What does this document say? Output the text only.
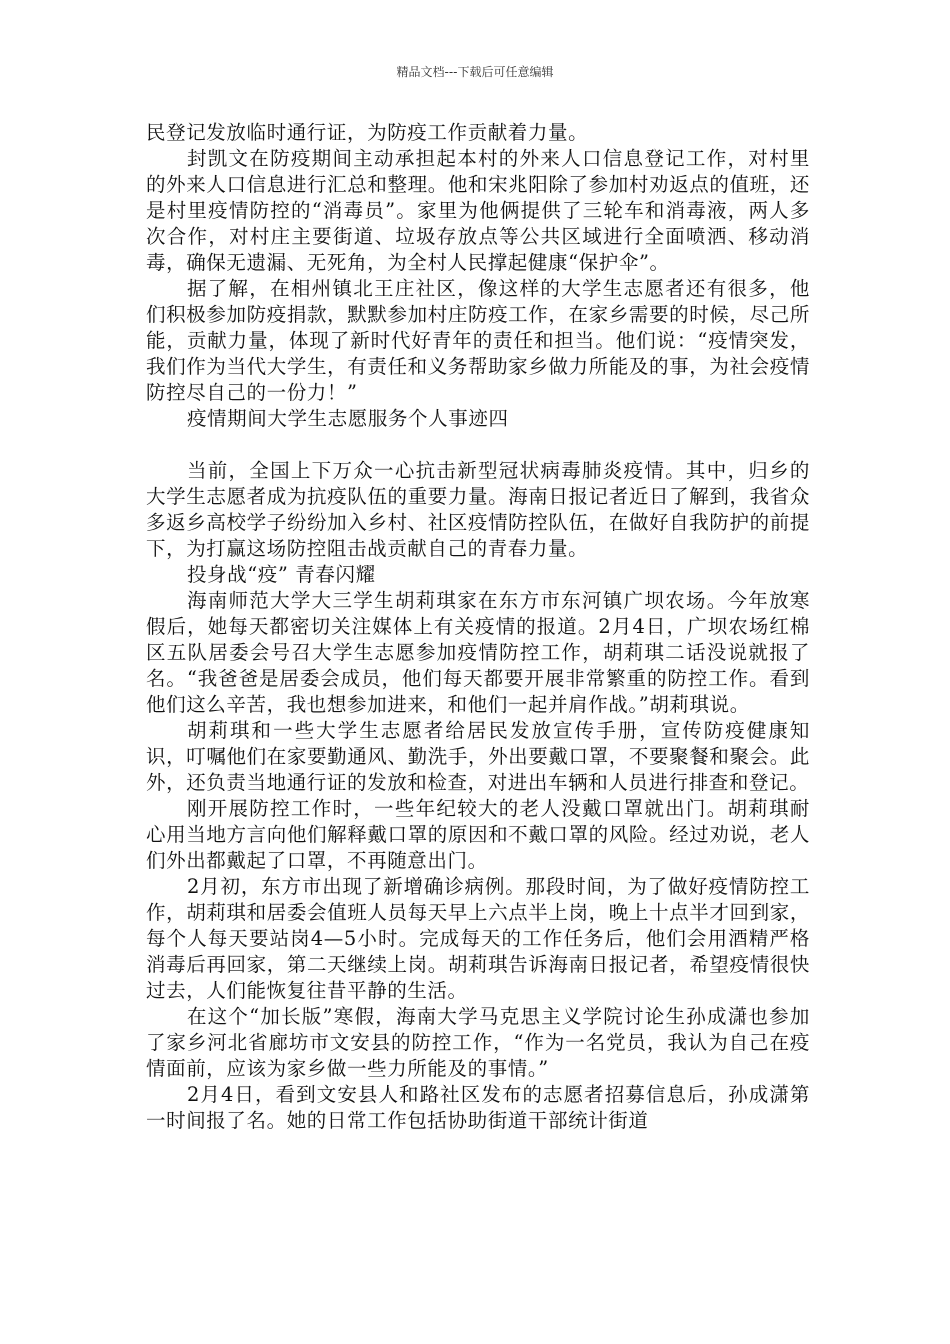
精品文档---下载后可任意编辑

民登记发放临时通行证，为防疫工作贡献着力量。

封凯文在防疫期间主动承担起本村的外来人口信息登记工作，对村里的外来人口信息进行汇总和整理。他和宋兆阳除了参加村劝返点的值班，还是村里疫情防控的“消毒员”。家里为他俩提供了三轮车和消毒液，两人多次合作，对村庄主要街道、垃圾存放点等公共区域进行全面喷洒、移动消毒，确保无遗漏、无死角，为全村人民撑起健康“保护伞”。

据了解，在相州镇北王庄社区，像这样的大学生志愿者还有很多，他们积极参加防疫捐款，默默参加村庄防疫工作，在家乡需要的时候，尽己所能，贡献力量，体现了新时代好青年的责任和担当。他们说：“疫情突发，我们作为当代大学生，有责任和义务帮助家乡做力所能及的事，为社会疫情防控尽自己的一份力！”

疫情期间大学生志愿服务个人事迹四

当前，全国上下万众一心抗击新型冠状病毒肺炎疫情。其中，归乡的大学生志愿者成为抗疫队伍的重要力量。海南日报记者近日了解到，我省众多返乡高校学子纷纷加入乡村、社区疫情防控队伍，在做好自我防护的前提下，为打赢这场防控阻击战贡献自己的青春力量。

投身战“疫” 青春闪耀

海南师范大学大三学生胡莉琪家在东方市东河镇广坝农场。今年放寒假后，她每天都密切关注媒体上有关疫情的报道。2月4日，广坝农场红棉区五队居委会号召大学生志愿参加疫情防控工作，胡莉琪二话没说就报了名。“我爸爸是居委会成员，他们每天都要开展非常繁重的防控工作。看到他们这么辛苦，我也想参加进来，和他们一起并肩作战。”胡莉琪说。

胡莉琪和一些大学生志愿者给居民发放宣传手册，宣传防疫健康知识，叮嘱他们在家要勤通风、勤洗手，外出要戴口罩，不要聚餐和聚会。此外，还负责当地通行证的发放和检查，对进出车辆和人员进行排查和登记。

刚开展防控工作时，一些年纪较大的老人没戴口罩就出门。胡莉琪耐心用当地方言向他们解释戴口罩的原因和不戴口罩的风险。经过劝说，老人们外出都戴起了口罩，不再随意出门。

2月初，东方市出现了新增确诊病例。那段时间，为了做好疫情防控工作，胡莉琪和居委会值班人员每天早上六点半上岗，晚上十点半才回到家，每个人每天要站岗4—5小时。完成每天的工作任务后，他们会用酒精严格消毒后再回家，第二天继续上岗。胡莉琪告诉海南日报记者，希望疫情很快过去，人们能恢复往昔平静的生活。

在这个“加长版”寒假，海南大学马克思主义学院讨论生孙成潇也参加了家乡河北省廊坊市文安县的防控工作，“作为一名党员，我认为自己在疫情面前，应该为家乡做一些力所能及的事情。”

2月4日，看到文安县人和路社区发布的志愿者招募信息后，孙成潇第一时间报了名。她的日常工作包括协助街道干部统计街道
